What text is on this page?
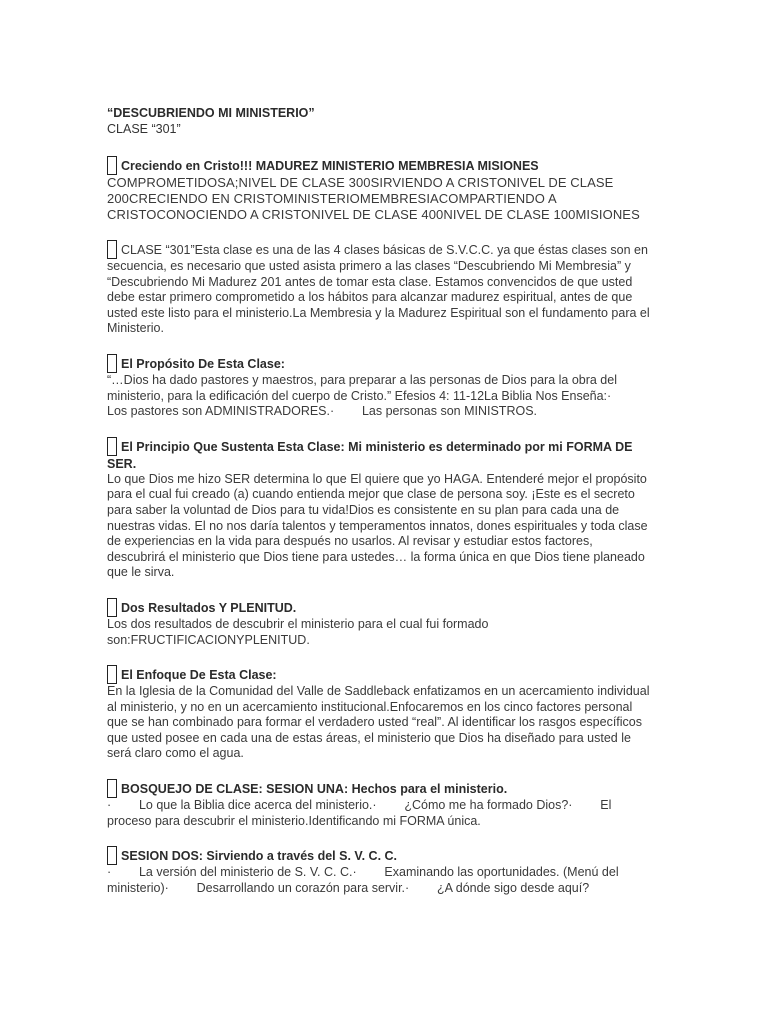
“DESCUBRIENDO MI MINISTERIO”

CLASE “301”

Creciendo en Cristo!!! MADUREZ MINISTERIO MEMBRESIA MISIONES

COMPROMETIDOSA;NIVEL DE CLASE 300SIRVIENDO A CRISTONIVEL DE CLASE 200CRECIENDO EN CRISTOMINISTERIOMEMBRESIACOMPARTIENDO A CRISTOCONOCIENDO A CRISTONIVEL DE CLASE 400NIVEL DE CLASE 100MISIONES

CLASE “301”Esta clase es una de las 4 clases básicas de S.V.C.C. ya que éstas clases son en secuencia, es necesario que usted asista primero a las clases “Descubriendo Mi Membresia” y “Descubriendo Mi Madurez 201 antes de tomar esta clase. Estamos convencidos de que usted debe estar primero comprometido a los hábitos para alcanzar madurez espiritual, antes de que usted este listo para el ministerio.La Membresia y la Madurez Espiritual son el fundamento para el Ministerio.
El Propósito De Esta Clase:

“…Dios ha dado pastores y maestros, para preparar a las personas de Dios para la obra del ministerio, para la edificación del cuerpo de Cristo.” Efesios 4: 11-12La Biblia Nos Enseña:·        Los pastores son ADMINISTRADORES.·        Las personas son MINISTROS.

El Principio Que Sustenta Esta Clase: Mi ministerio es determinado por mi FORMA DE SER.

Lo que Dios me hizo SER determina lo que El quiere que yo HAGA. Entenderé mejor el propósito para el cual fui creado (a) cuando entienda mejor que clase de persona soy. ¡Este es el secreto para saber la voluntad de Dios para tu vida!Dios es consistente en su plan para cada una de nuestras vidas. El no nos daría talentos y temperamentos innatos, dones espirituales y toda clase de experiencias en la vida para después no usarlos. Al revisar y estudiar estos factores, descubrirá el ministerio que Dios tiene para ustedes… la forma única en que Dios tiene planeado que le sirva.

Dos Resultados Y PLENITUD.

Los dos resultados de descubrir el ministerio para el cual fui formado son:FRUCTIFICACIONYPLENITUD.

El Enfoque De Esta Clase:

En la Iglesia de la Comunidad del Valle de Saddleback enfatizamos en un acercamiento individual al ministerio, y no en un acercamiento institucional.Enfocaremos en los cinco factores personal que se han combinado para formar el verdadero usted “real”. Al identificar los rasgos específicos que usted posee en cada una de estas áreas, el ministerio que Dios ha diseñado para usted le será claro como el agua.

BOSQUEJO DE CLASE: SESION UNA: Hechos para el ministerio.

·        Lo que la Biblia dice acerca del ministerio.·        ¿Cómo me ha formado Dios?·        El proceso para descubrir el ministerio.Identificando mi FORMA única.

SESION DOS: Sirviendo a través del S. V. C. C.

·        La versión del ministerio de S. V. C. C.·        Examinando las oportunidades. (Menú del ministerio)·        Desarrollando un corazón para servir.·        ¿A dónde sigo desde aquí?
